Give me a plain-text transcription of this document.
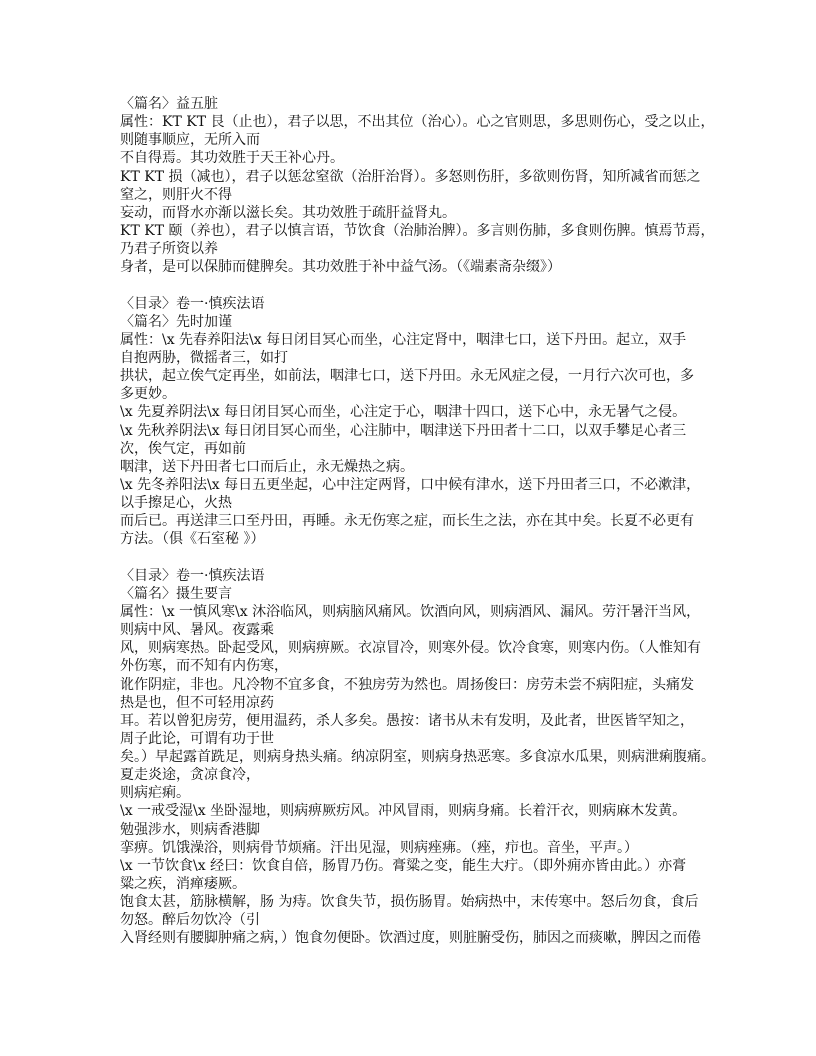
〈篇名〉益五脏
属性：KT KT 艮（止也），君子以思，不出其位（治心）。心之官则思，多思则伤心，受之以止，
则随事顺应，无所入而
不自得焉。其功效胜于天王补心丹。
KT KT 损（减也），君子以惩忿窒欲（治肝治肾）。多怒则伤肝，多欲则伤肾，知所减省而惩之
窒之，则肝火不得
妄动，而肾水亦渐以滋长矣。其功效胜于疏肝益肾丸。
KT KT 颐（养也），君子以慎言语，节饮食（治肺治脾）。多言则伤肺，多食则伤脾。慎焉节焉，
乃君子所资以养
身者，是可以保肺而健脾矣。其功效胜于补中益气汤。（《端素斋杂缀》）
〈目录〉卷一·慎疾法语
〈篇名〉先时加谨
属性：\x 先春养阳法\x 每日闭目冥心而坐，心注定肾中，咽津七口，送下丹田。起立，双手
自抱两胁，微摇者三，如打
拱状，起立俟气定再坐，如前法，咽津七口，送下丹田。永无风症之侵，一月行六次可也，多
多更妙。
\x 先夏养阴法\x 每日闭目冥心而坐，心注定于心，咽津十四口，送下心中，永无暑气之侵。
\x 先秋养阴法\x 每日闭目冥心而坐，心注肺中，咽津送下丹田者十二口，以双手攀足心者三
次，俟气定，再如前
咽津，送下丹田者七口而后止，永无燥热之病。
\x 先冬养阳法\x 每日五更坐起，心中注定两肾，口中候有津水，送下丹田者三口，不必漱津，
以手擦足心，火热
而后已。再送津三口至丹田，再睡。永无伤寒之症，而长生之法，亦在其中矣。长夏不必更有
方法。（俱《石室秘 》）
〈目录〉卷一·慎疾法语
〈篇名〉摄生要言
属性：\x 一慎风寒\x 沐浴临风，则病脑风痛风。饮酒向风，则病酒风、漏风。劳汗暑汗当风，
则病中风、暑风。夜露乘
风，则病寒热。卧起受风，则病痹厥。衣凉冒冷，则寒外侵。饮冷食寒，则寒内伤。（人惟知有
外伤寒，而不知有内伤寒，
讹作阴症，非也。凡冷物不宜多食，不独房劳为然也。周扬俊曰：房劳未尝不病阳症，头痛发
热是也，但不可轻用凉药
耳。若以曾犯房劳，便用温药，杀人多矣。愚按：诸书从未有发明，及此者，世医皆罕知之，
周子此论，可谓有功于世
矣。）早起露首跣足，则病身热头痛。纳凉阴室，则病身热恶寒。多食凉水瓜果，则病泄痢腹痛。
夏走炎途，贪凉食冷，
则病疟痢。
\x 一戒受湿\x 坐卧湿地，则病痹厥疠风。冲风冒雨，则病身痛。长着汗衣，则病麻木发黄。
勉强涉水，则病香港脚
挛痹。饥饿澡浴，则病骨节烦痛。汗出见湿，则病痤疿。（痤，疖也。音坐，平声。）
\x 一节饮食\x 经曰：饮食自倍，肠胃乃伤。膏粱之变，能生大疔。（即外痈亦皆由此。）亦膏
粱之疾，消瘅痿厥。
饱食太甚，筋脉横解，肠 为痔。饮食失节，损伤肠胃。始病热中，末传寒中。怒后勿食，食后
勿怒。醉后勿饮冷（引
入肾经则有腰脚肿痛之病，）饱食勿便卧。饮酒过度，则脏腑受伤，肺因之而痰嗽，脾因之而倦
